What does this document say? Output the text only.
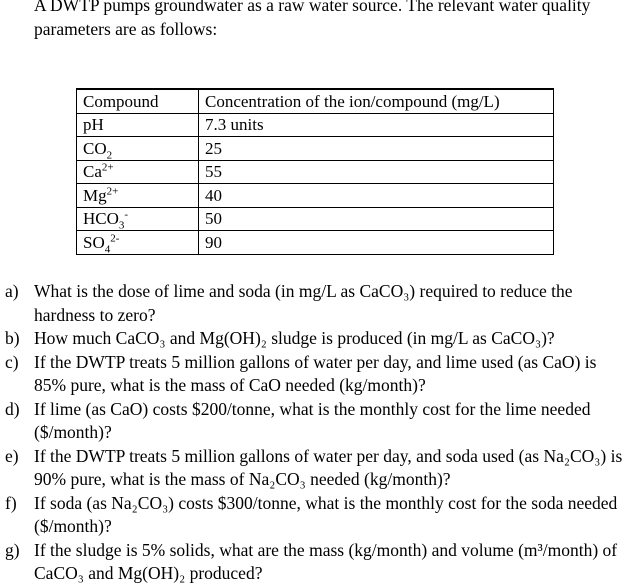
A DWTP pumps groundwater as a raw water source. The relevant water quality parameters are as follows:
Compound	Concentration of the ion/compound (mg/L)
pH	7.3 units
$CO_2$	25
$Ca^{2+}$	55
$Mg^{2+}$	40
$HCO_3^-$	50
$SO_4^{2-}$	90
a) What is the dose of lime and soda (in mg/L as CaCO₃) required to reduce the hardness to zero?
b) How much CaCO₃ and Mg(OH)₂ sludge is produced (in mg/L as CaCO₃)?
c) If the DWTP treats 5 million gallons of water per day, and lime used (as CaO) is 85% pure, what is the mass of CaO needed (kg/month)?
d) If lime (as CaO) costs $200/tonne, what is the monthly cost for the lime needed ($/month)?
e) If the DWTP treats 5 million gallons of water per day, and soda used (as Na₂CO₃) is 90% pure, what is the mass of Na₂CO₃ needed (kg/month)?
f) If soda (as Na₂CO₃) costs $300/tonne, what is the monthly cost for the soda needed ($/month)?
g) If the sludge is 5% solids, what are the mass (kg/month) and volume (m³/month) of CaCO₃ and Mg(OH)₂ produced?
